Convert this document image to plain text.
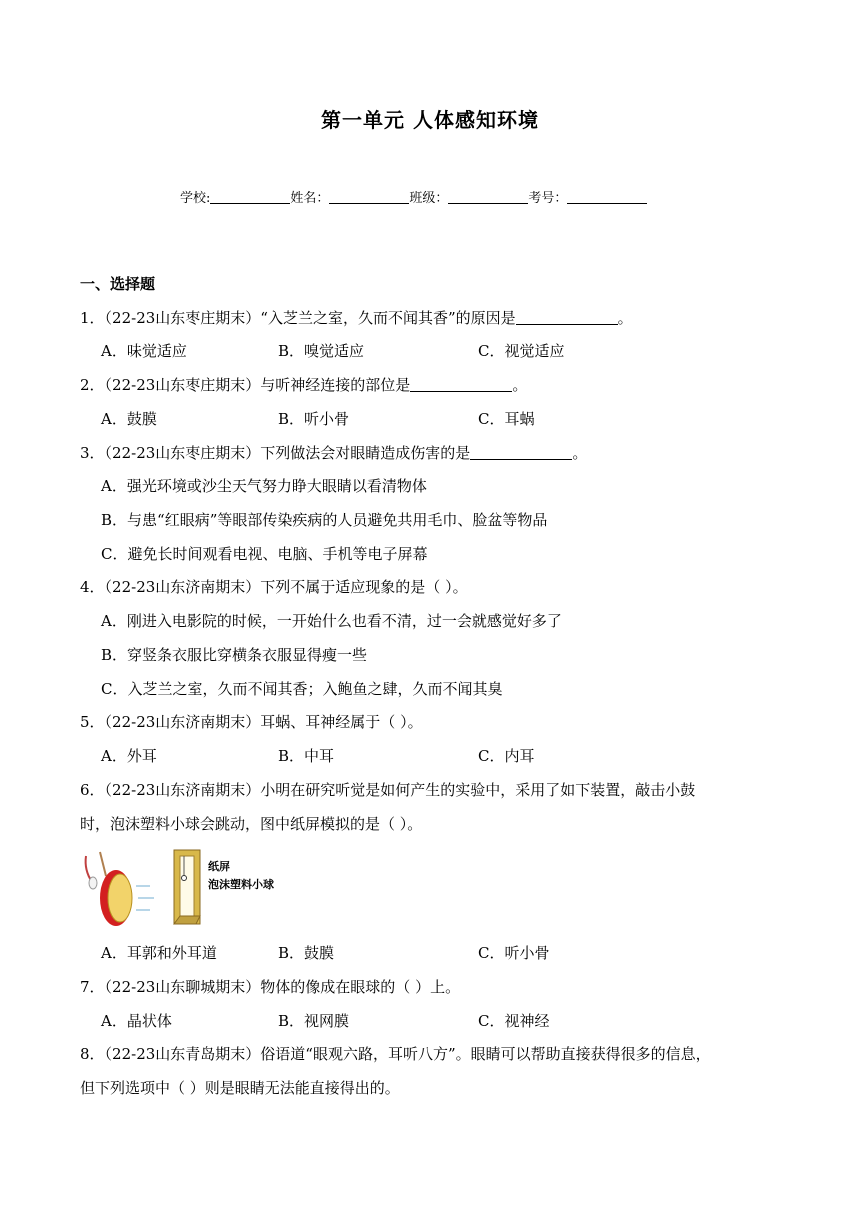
第一单元 人体感知环境
学校:	姓名：	班级：	考号：
一、选择题
1．（22-23山东枣庄期末）“入芝兰之室，久而不闻其香”的原因是	。
A．味觉适应	B．嗅觉适应	C．视觉适应
2．（22-23山东枣庄期末）与听神经连接的部位是	。
A．鼓膜	B．听小骨	C．耳蜗
3．（22-23山东枣庄期末）下列做法会对眼睛造成伤害的是	。
A．强光环境或沙尘天气努力睁大眼睛以看清物体
B．与患“红眼病”等眼部传染疾病的人员避免共用毛巾、脸盆等物品
C．避免长时间观看电视、电脑、手机等电子屏幕
4．（22-23山东济南期末）下列不属于适应现象的是（ ）。
A．刚进入电影院的时候，一开始什么也看不清，过一会就感觉好多了
B．穿竖条衣服比穿横条衣服显得瘦一些
C．入芝兰之室，久而不闻其香；入鲍鱼之肆，久而不闻其臭
5．（22-23山东济南期末）耳蜗、耳神经属于（ ）。
A．外耳	B．中耳	C．内耳
6．（22-23山东济南期末）小明在研究听觉是如何产生的实验中，采用了如下装置，敲击小鼓
时，泡沫塑料小球会跳动，图中纸屏模拟的是（ ）。
纸屏
泡沫塑料小球
A．耳郭和外耳道	B．鼓膜	C．听小骨
7．（22-23山东聊城期末）物体的像成在眼球的（ ）上。
A．晶状体	B．视网膜	C．视神经
8．（22-23山东青岛期末）俗语道“眼观六路，耳听八方”。眼睛可以帮助直接获得很多的信息，
但下列选项中（ ）则是眼睛无法能直接得出的。
